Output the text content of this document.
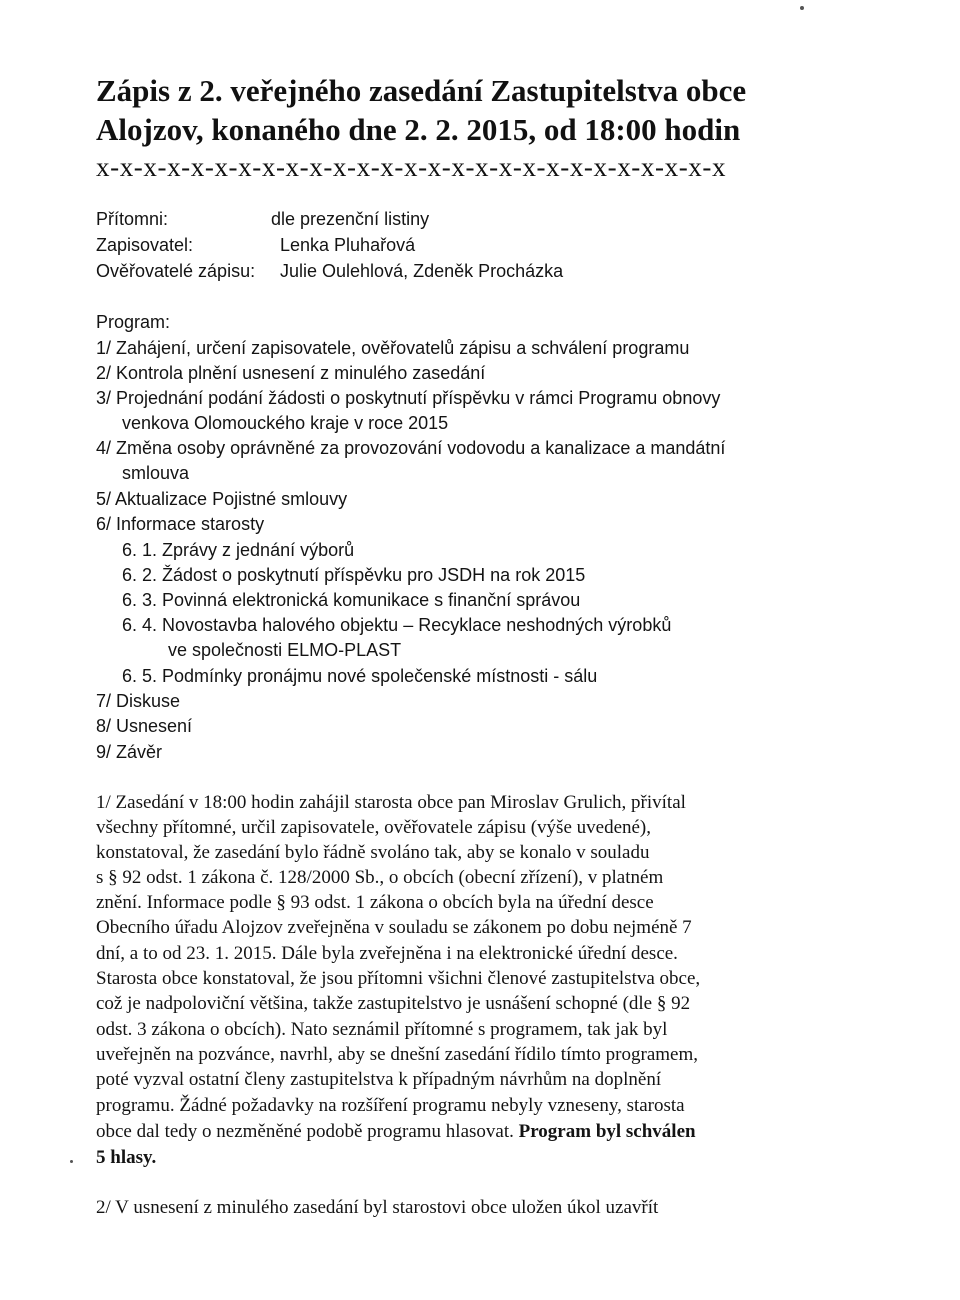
Zápis z 2. veřejného zasedání Zastupitelstva obce
Alojzov, konaného dne 2. 2. 2015, od 18:00 hodin
x-x-x-x-x-x-x-x-x-x-x-x-x-x-x-x-x-x-x-x-x-x-x-x-x-x-x
Přítomni:	dle prezenční listiny
Zapisovatel:	Lenka Pluhařová
Ověřovatelé zápisu: Julie Oulehlová, Zdeněk Procházka
Program:
1/ Zahájení, určení zapisovatele, ověřovatelů zápisu a schválení programu
2/ Kontrola plnění usnesení z minulého zasedání
3/ Projednání podání žádosti o poskytnutí příspěvku v rámci Programu obnovy
venkova Olomouckého kraje v roce 2015
4/ Změna osoby oprávněné za provozování vodovodu a kanalizace a mandátní
smlouva
5/ Aktualizace Pojistné smlouvy
6/ Informace starosty
6. 1. Zprávy z jednání výborů
6. 2. Žádost o poskytnutí příspěvku pro JSDH na rok 2015
6. 3. Povinná elektronická komunikace s finanční správou
6. 4. Novostavba halového objektu – Recyklace neshodných výrobků
ve společnosti ELMO-PLAST
6. 5. Podmínky pronájmu nové společenské místnosti - sálu
7/ Diskuse
8/ Usnesení
9/ Závěr
1/ Zasedání v 18:00 hodin zahájil starosta obce pan Miroslav Grulich, přivítal
všechny přítomné, určil zapisovatele, ověřovatele zápisu (výše uvedené),
konstatoval, že zasedání bylo řádně svoláno tak, aby se konalo v souladu
s § 92 odst. 1 zákona č. 128/2000 Sb., o obcích (obecní zřízení), v platném
znění. Informace podle § 93 odst. 1 zákona o obcích byla na úřední desce
Obecního úřadu Alojzov zveřejněna v souladu se zákonem po dobu nejméně 7
dní, a to od 23. 1. 2015. Dále byla zveřejněna i na elektronické úřední desce.
Starosta obce konstatoval, že jsou přítomni všichni členové zastupitelstva obce,
což je nadpoloviční většina, takže zastupitelstvo je usnášení schopné (dle § 92
odst. 3 zákona o obcích). Nato seznámil přítomné s programem, tak jak byl
uveřejněn na pozvánce, navrhl, aby se dnešní zasedání řídilo tímto programem,
poté vyzval ostatní členy zastupitelstva k případným návrhům na doplnění
programu. Žádné požadavky na rozšíření programu nebyly vzneseny, starosta
obce dal tedy o nezměněné podobě programu hlasovat. Program byl schválen
5 hlasy.
2/ V usnesení z minulého zasedání byl starostovi obce uložen úkol uzavřít
